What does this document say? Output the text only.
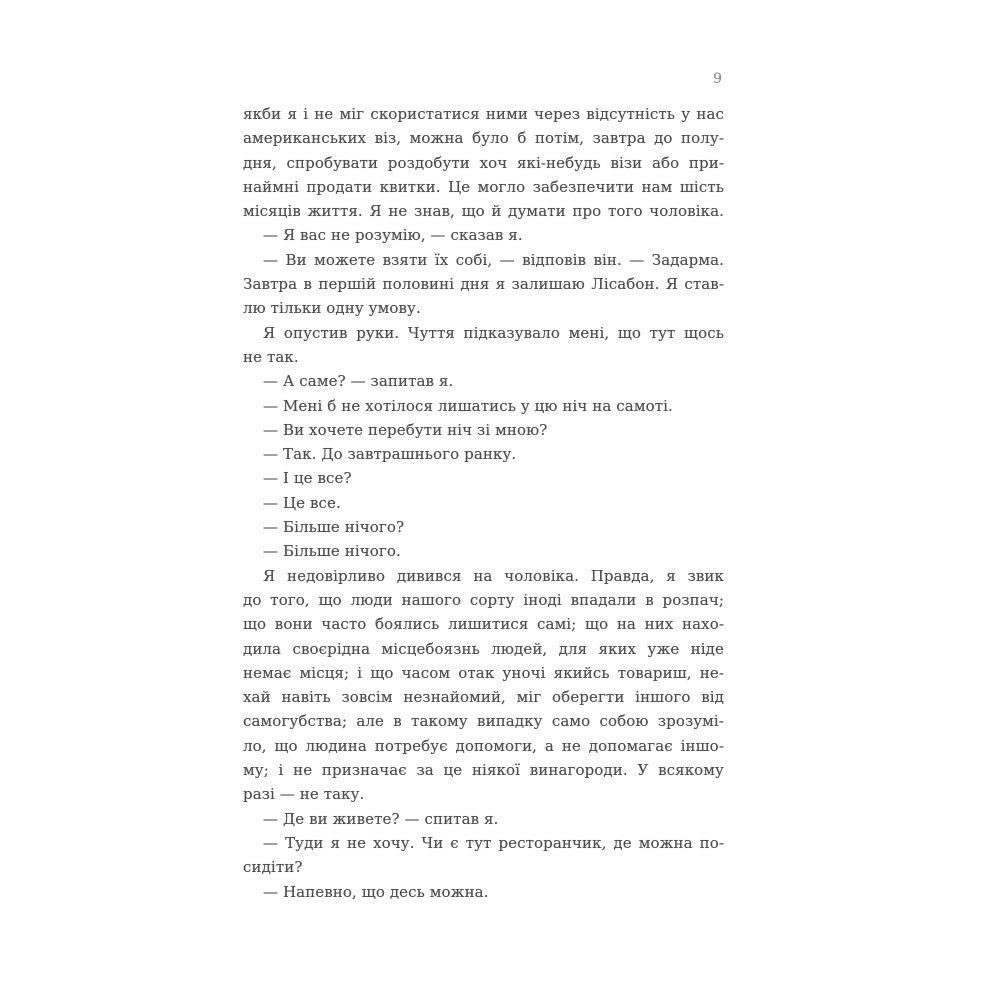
9
якби я і не міг скористатися ними через відсутність у нас
американських віз, можна було б потім, завтра до полу-
дня, спробувати роздобути хоч які-небудь візи або при-
наймні продати квитки. Це могло забезпечити нам шість
місяців життя. Я не знав, що й думати про того чоловіка.
— Я вас не розумію, — сказав я.
— Ви можете взяти їх собі, — відповів він. — Задарма.
Завтра в першій половині дня я залишаю Лісабон. Я став-
лю тільки одну умову.
Я опустив руки. Чуття підказувало мені, що тут щось
не так.
— А саме? — запитав я.
— Мені б не хотілося лишатись у цю ніч на самоті.
— Ви хочете перебути ніч зі мною?
— Так. До завтрашнього ранку.
— І це все?
— Це все.
— Більше нічого?
— Більше нічого.
Я недовірливо дивився на чоловіка. Правда, я звик
до того, що люди нашого сорту іноді впадали в розпач;
що вони часто боялись лишитися самі; що на них нахо-
дила своєрідна місцебоязнь людей, для яких уже ніде
немає місця; і що часом отак уночі якийсь товариш, не-
хай навіть зовсім незнайомий, міг оберегти іншого від
самогубства; але в такому випадку само собою зрозумі-
ло, що людина потребує допомоги, а не допомагає іншо-
му; і не призначає за це ніякої винагороди. У всякому
разі — не таку.
— Де ви живете? — спитав я.
— Туди я не хочу. Чи є тут ресторанчик, де можна по-
сидіти?
— Напевно, що десь можна.
